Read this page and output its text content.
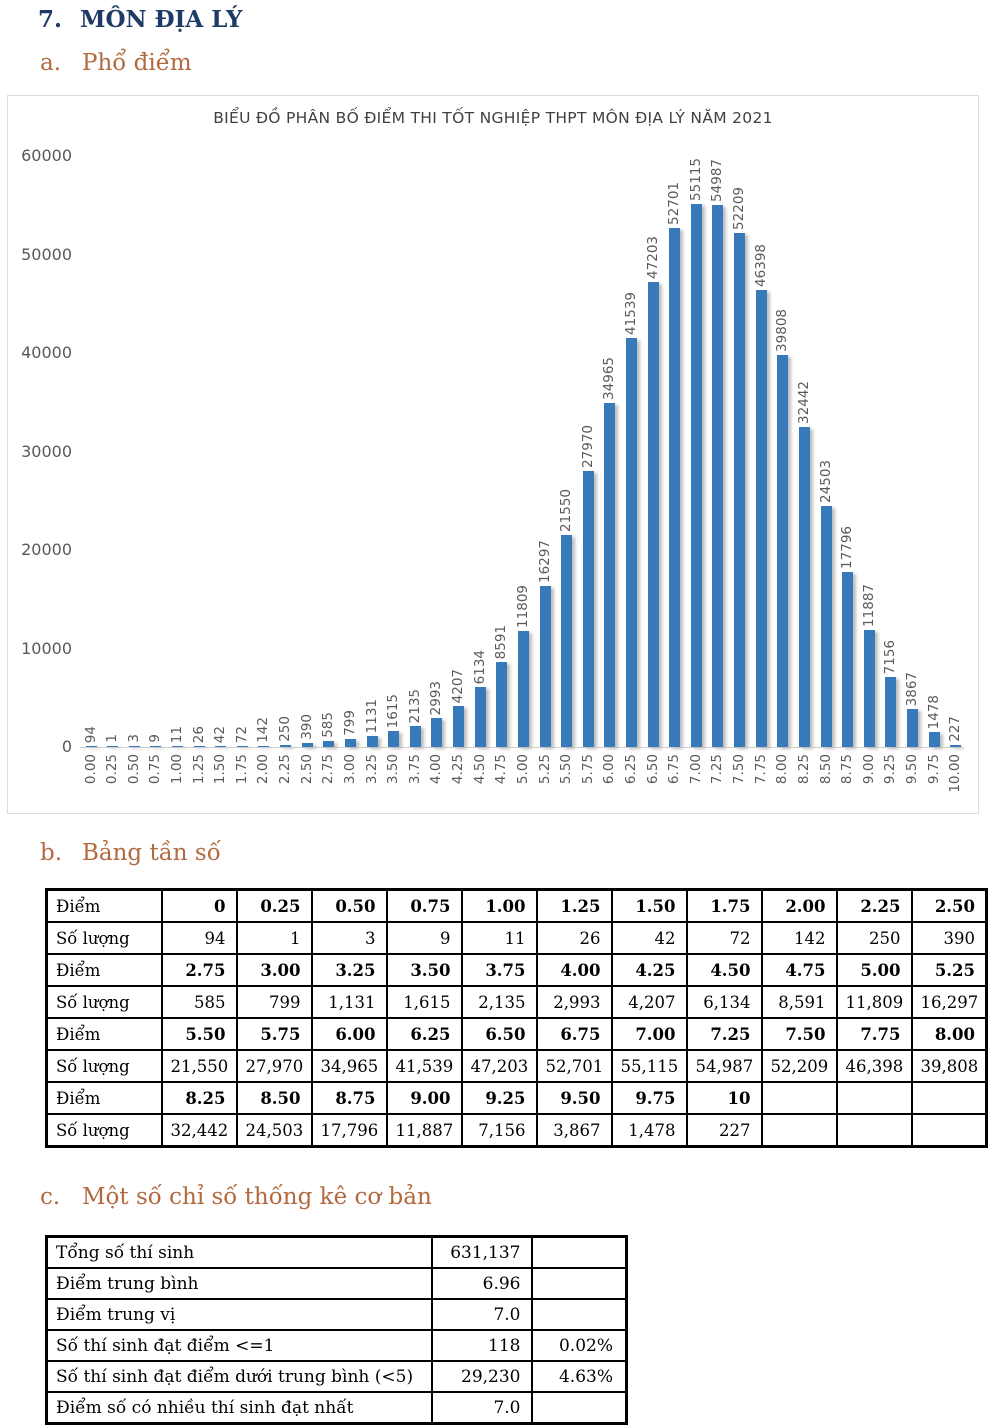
7. MÔN ĐỊA LÝ
a. Phổ điểm
BIỂU ĐỒ PHÂN BỐ ĐIỂM THI TỐT NGHIỆP THPT MÔN ĐỊA LÝ NĂM 2021
0
10000
20000
30000
40000
50000
60000
94
0.00
1
0.25
3
0.50
9
0.75
11
1.00
26
1.25
42
1.50
72
1.75
142
2.00
250
2.25
390
2.50
585
2.75
799
3.00
1131
3.25
1615
3.50
2135
3.75
2993
4.00
4207
4.25
6134
4.50
8591
4.75
11809
5.00
16297
5.25
21550
5.50
27970
5.75
34965
6.00
41539
6.25
47203
6.50
52701
6.75
55115
7.00
54987
7.25
52209
7.50
46398
7.75
39808
8.00
32442
8.25
24503
8.50
17796
8.75
11887
9.00
7156
9.25
3867
9.50
1478
9.75
227
10.00
b. Bảng tần số
Điểm	0	0.25	0.50	0.75	1.00	1.25	1.50	1.75	2.00	2.25	2.50
Số lượng	94	1	3	9	11	26	42	72	142	250	390
Điểm	2.75	3.00	3.25	3.50	3.75	4.00	4.25	4.50	4.75	5.00	5.25
Số lượng	585	799	1,131	1,615	2,135	2,993	4,207	6,134	8,591	11,809	16,297
Điểm	5.50	5.75	6.00	6.25	6.50	6.75	7.00	7.25	7.50	7.75	8.00
Số lượng	21,550	27,970	34,965	41,539	47,203	52,701	55,115	54,987	52,209	46,398	39,808
Điểm	8.25	8.50	8.75	9.00	9.25	9.50	9.75	10			
Số lượng	32,442	24,503	17,796	11,887	7,156	3,867	1,478	227			
c. Một số chỉ số thống kê cơ bản
Tổng số thí sinh	631,137	
Điểm trung bình	6.96	
Điểm trung vị	7.0	
Số thí sinh đạt điểm <=1	118	0.02%
Số thí sinh đạt điểm dưới trung bình (<5)	29,230	4.63%
Điểm số có nhiều thí sinh đạt nhất	7.0	
